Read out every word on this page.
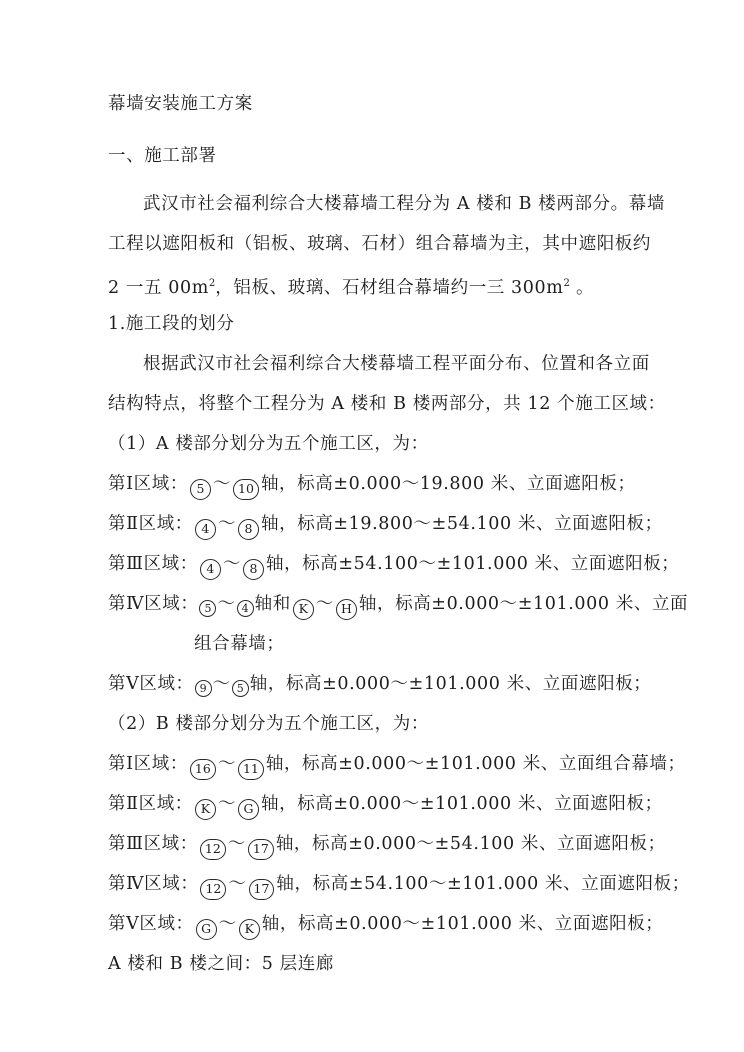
幕墙安装施工方案
一、施工部署
武汉市社会福利综合大楼幕墙工程分为 A 楼和 B 楼两部分。幕墙
工程以遮阳板和（铝板、玻璃、石材）组合幕墙为主，其中遮阳板约
2 一五 $00m^2$，铝板、玻璃、石材组合幕墙约一三 $300m^2$ 。
1.施工段的划分
根据武汉市社会福利综合大楼幕墙工程平面分布、位置和各立面
结构特点，将整个工程分为 A 楼和 B 楼两部分，共 12 个施工区域：
（1）A 楼部分划分为五个施工区，为：
第Ⅰ区域： 5 ～ 10 轴，标高±0.000～19.800 米、立面遮阳板；
第Ⅱ区域： 4 ～ 8 轴，标高±19.800～±54.100 米、立面遮阳板；
第Ⅲ区域： 4 ～ 8 轴，标高±54.100～±101.000 米、立面遮阳板；
第Ⅳ区域： 5 ～ 4 轴和 K ～ H 轴，标高±0.000～±101.000 米、立面
组合幕墙；
第Ⅴ区域： 9 ～ 5 轴，标高±0.000～±101.000 米、立面遮阳板；
（2）B 楼部分划分为五个施工区，为：
第Ⅰ区域： 16 ～ 11 轴，标高±0.000～±101.000 米、立面组合幕墙；
第Ⅱ区域： K ～ G 轴，标高±0.000～±101.000 米、立面遮阳板；
第Ⅲ区域： 12 ～ 17 轴，标高±0.000～±54.100 米、立面遮阳板；
第Ⅳ区域： 12 ～ 17 轴，标高±54.100～±101.000 米、立面遮阳板；
第Ⅴ区域： G ～ K 轴，标高±0.000～±101.000 米、立面遮阳板；
A 楼和 B 楼之间：5 层连廊
